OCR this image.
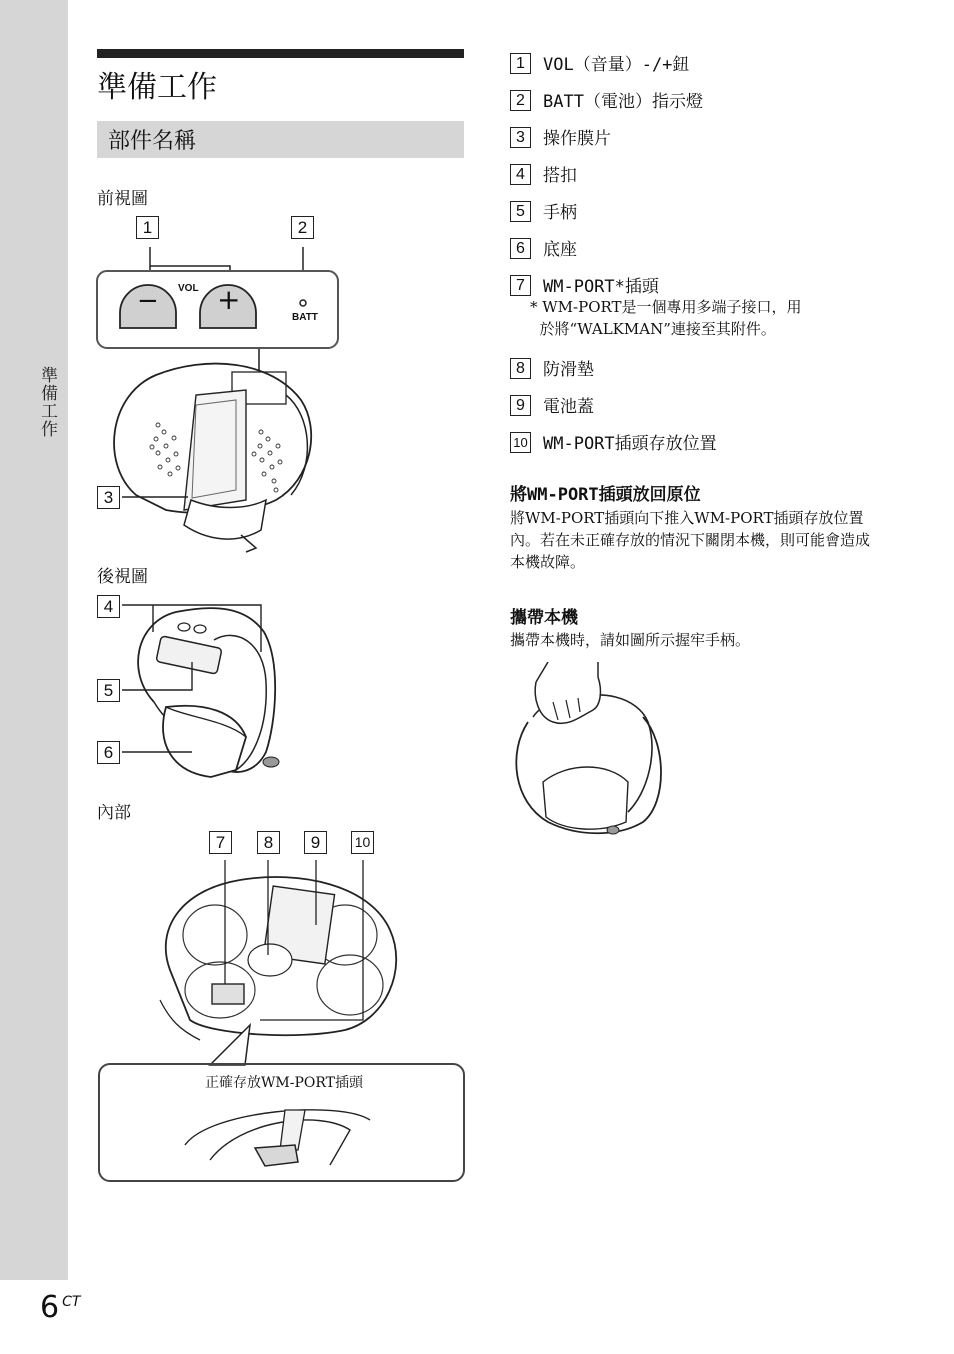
準備工作
6 $^{CT}$
準備工作
部件名稱
前視圖
後視圖
內部
VOL
BATT
− +
1	2
3
4
5
6
7	8	9	10
正確存放WM-PORT插頭
1 VOL（音量）-/+鈕
2 BATT（電池）指示燈
3 操作膜片
4 搭扣
5 手柄
6 底座
7 WM-PORT*插頭
* WM-PORT是一個專用多端子接口，用
於將“WALKMAN”連接至其附件。
8 防滑墊
9 電池蓋
10 WM-PORT插頭存放位置
將WM-PORT插頭放回原位
將WM-PORT插頭向下推入WM-PORT插頭存放位置內。若在未正確存放的情況下關閉本機，則可能會造成本機故障。
攜帶本機
攜帶本機時，請如圖所示握牢手柄。
